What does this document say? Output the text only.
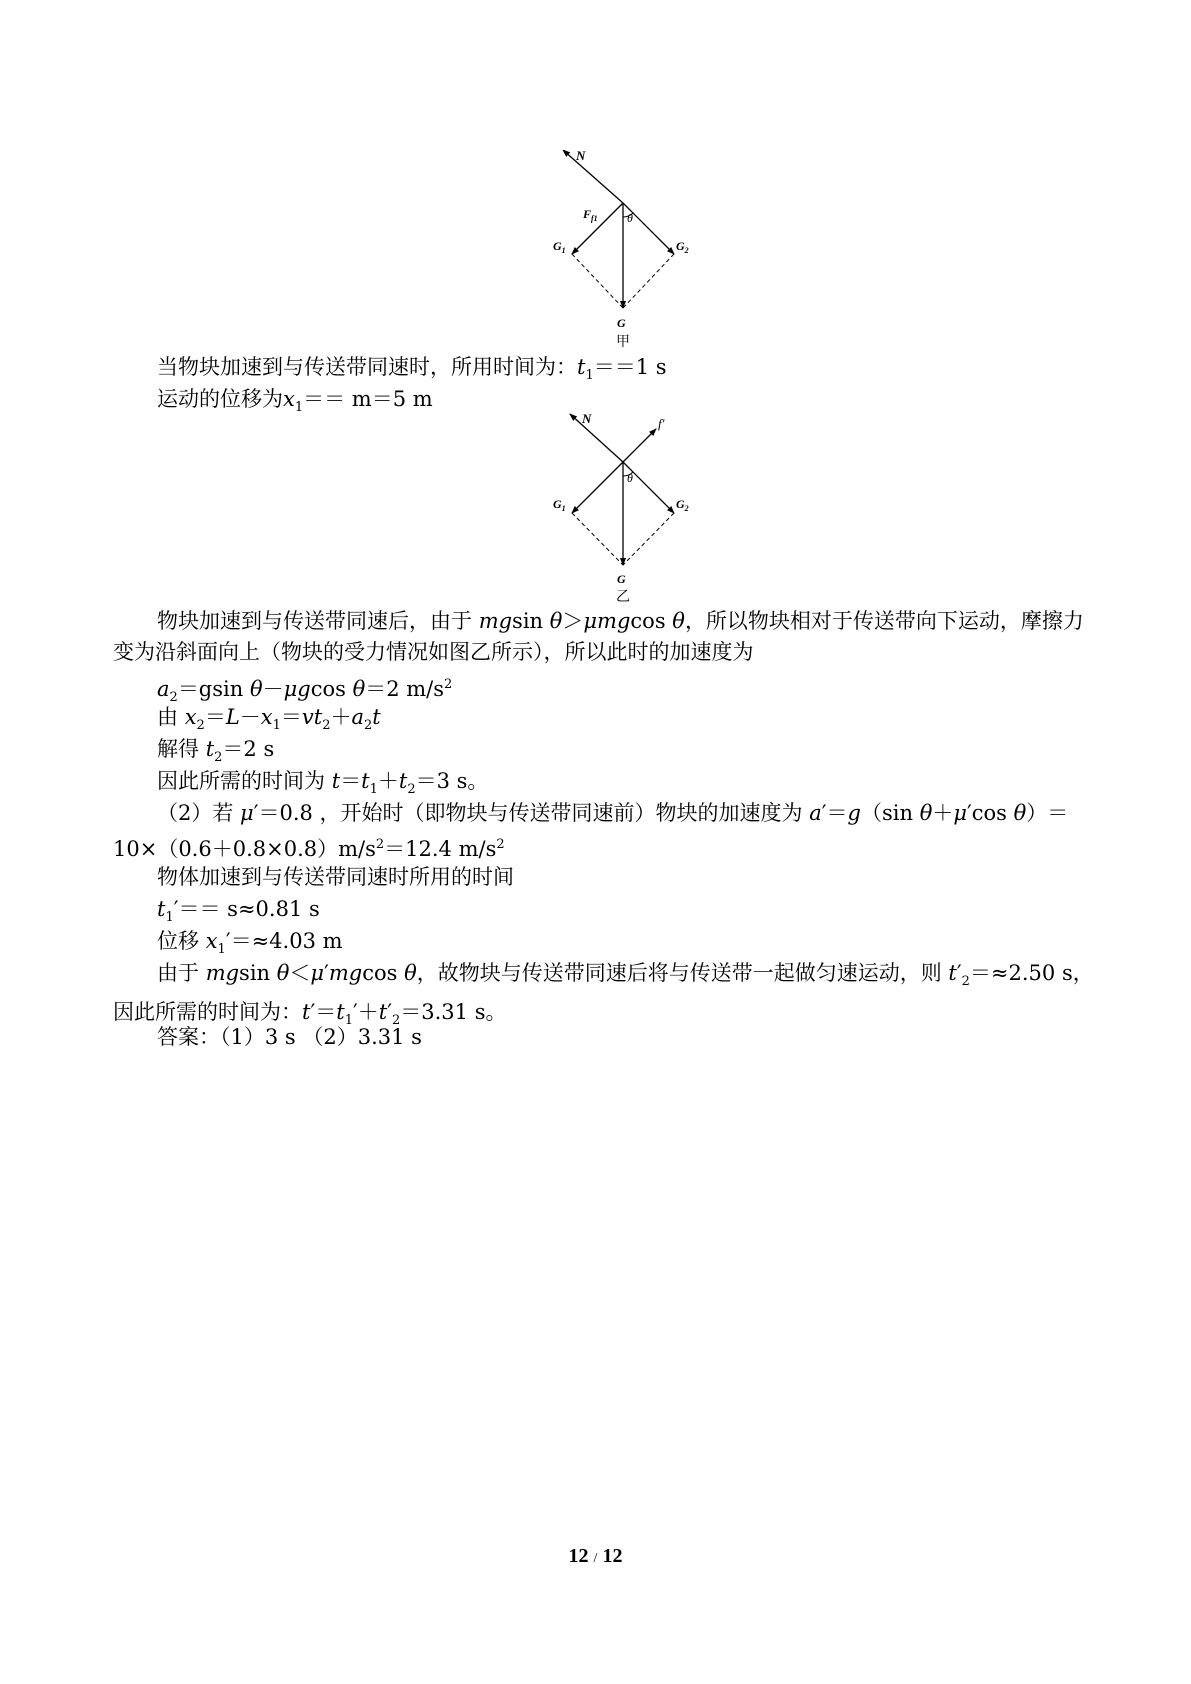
N
$F_{f1}$ θ
$G_1$	$G_2$
G
甲
当物块加速到与传送带同速时，所用时间为：$t_1==1$ s
运动的位移为$x_1== m=5$ m
N	f′
θ
$G_1$	$G_2$
G
乙
物块加速到与传送带同速后，由于 mgsin θ＞μmgcos θ，所以物块相对于传送带向下运动，摩擦力变为沿斜面向上（物块的受力情况如图乙所示），所以此时的加速度为
$a_2=gsin$ θ－μgcos θ＝2 $m/s^2$
由 $x_2=L-x_1=vt_2+a_2t$
解得 $t_2=2$ s
因此所需的时间为 $t=t_1+t_2=3$ s。
（2）若 μ′＝0.8 ，开始时（即物块与传送带同速前）物块的加速度为 a′＝g（sin θ＋μ′cos $\theta)=10\times(0.6+0.8\times 0.8)m/s^2=12.4$ $m/s^2$
物体加速到与传送带同速时所用的时间
$t_1'== s\approx 0.81$ s
位移 $x_1'=\approx 4.03$ m
由于 mgsin θ＜μ′mgcos θ，故物块与传送带同速后将与传送带一起做匀速运动，则 $t'_2=\approx 2.50$ s，因此所需的时间为：$t'=t_1'+t'_2=3.31$ s。
答案：（1）3 s （2）3.31 s
12 / 12
